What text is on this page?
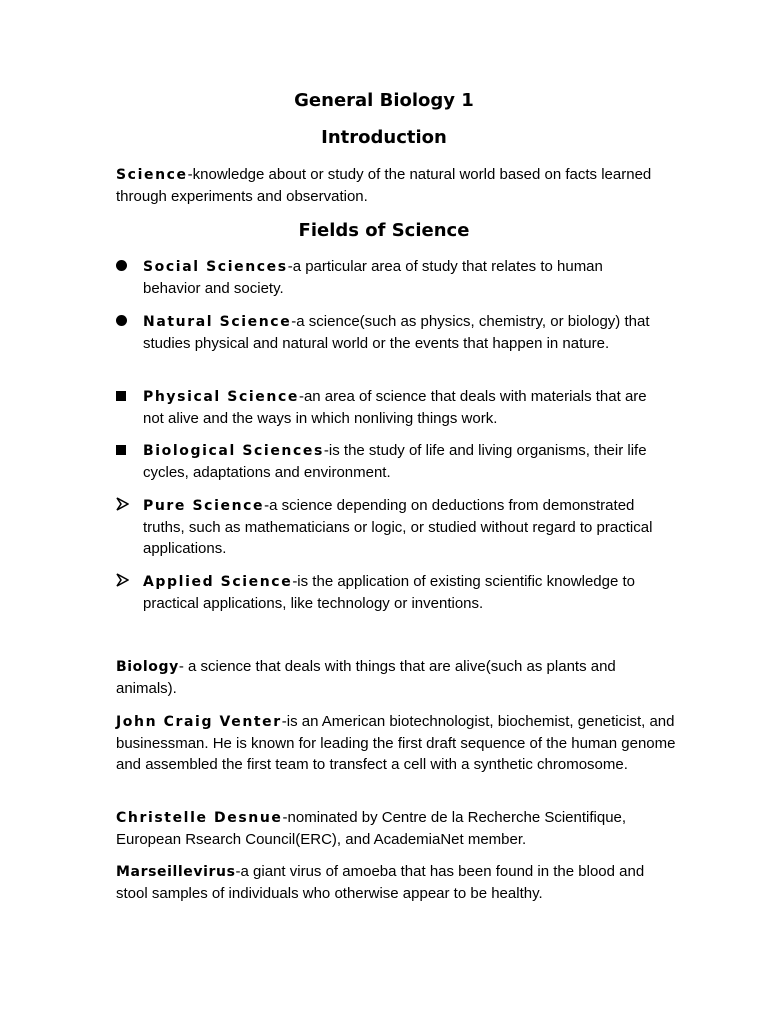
General Biology 1
Introduction
Science-knowledge about or study of the natural world based on facts learned through experiments and observation.
Fields of Science
Social Sciences-a particular area of study that relates to human behavior and society.
Natural Science-a science(such as physics, chemistry, or biology) that studies physical and natural world or the events that happen in nature.
Physical Science-an area of science that deals with materials that are not alive and the ways in which nonliving things work.
Biological Sciences-is the study of life and living organisms, their life cycles, adaptations and environment.
Pure Science-a science depending on deductions from demonstrated truths, such as mathematicians or logic, or studied without regard to practical applications.
Applied Science-is the application of existing scientific knowledge to practical applications, like technology or inventions.
Biology- a science that deals with things that are alive(such as plants and animals).
John Craig Venter-is an American biotechnologist, biochemist, geneticist, and businessman. He is known for leading the first draft sequence of the human genome and assembled the first team to transfect a cell with a synthetic chromosome.
Christelle Desnue-nominated by Centre de la Recherche Scientifique, European Rsearch Council(ERC), and AcademiaNet member.
Marseillevirus-a giant virus of amoeba that has been found in the blood and stool samples of individuals who otherwise appear to be healthy.
